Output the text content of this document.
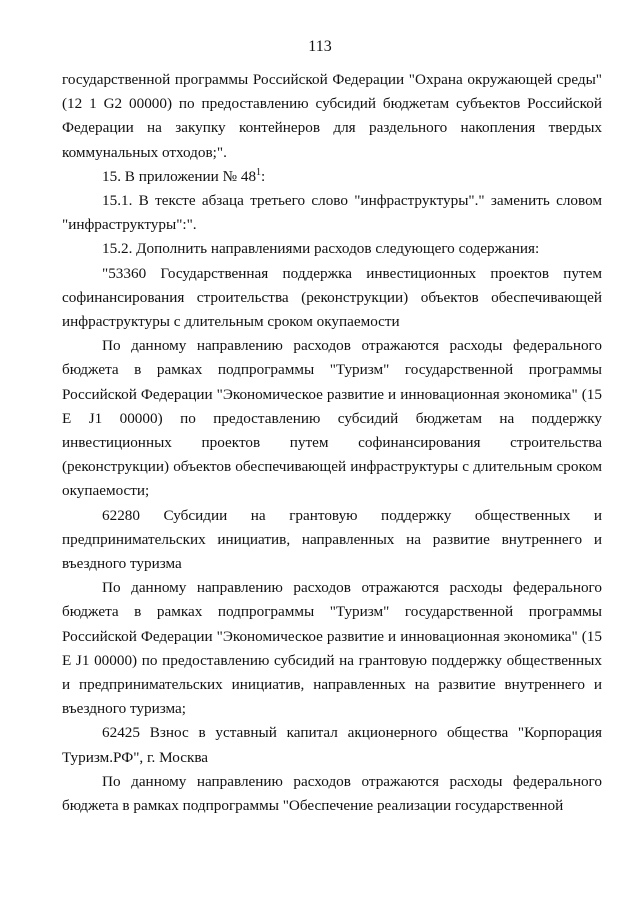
113

государственной программы Российской Федерации "Охрана окружающей среды" (12 1 G2 00000) по предоставлению субсидий бюджетам субъектов Российской Федерации на закупку контейнеров для раздельного накопления твердых коммунальных отходов;".

15. В приложении № $48^1$:

15.1. В тексте абзаца третьего слово "инфраструктуры"." заменить словом "инфраструктуры":".

15.2. Дополнить направлениями расходов следующего содержания:

"53360 Государственная поддержка инвестиционных проектов путем софинансирования строительства (реконструкции) объектов обеспечивающей инфраструктуры с длительным сроком окупаемости

По данному направлению расходов отражаются расходы федерального бюджета в рамках подпрограммы "Туризм" государственной программы Российской Федерации "Экономическое развитие и инновационная экономика" (15 Е J1 00000) по предоставлению субсидий бюджетам на поддержку инвестиционных проектов путем софинансирования строительства (реконструкции) объектов обеспечивающей инфраструктуры с длительным сроком окупаемости;

62280 Субсидии на грантовую поддержку общественных и предпринимательских инициатив, направленных на развитие внутреннего и въездного туризма

По данному направлению расходов отражаются расходы федерального бюджета в рамках подпрограммы "Туризм" государственной программы Российской Федерации "Экономическое развитие и инновационная экономика" (15 Е J1 00000) по предоставлению субсидий на грантовую поддержку общественных и предпринимательских инициатив, направленных на развитие внутреннего и въездного туризма;

62425 Взнос в уставный капитал акционерного общества "Корпорация Туризм.РФ", г. Москва

По данному направлению расходов отражаются расходы федерального бюджета в рамках подпрограммы "Обеспечение реализации государственной
